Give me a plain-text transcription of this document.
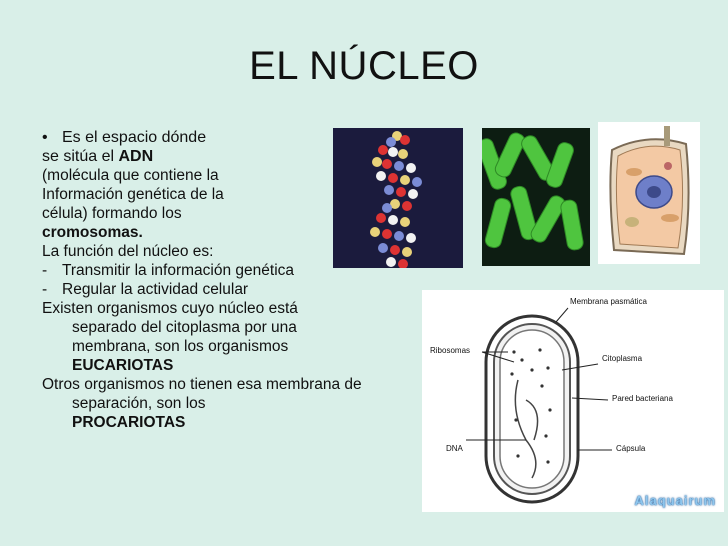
EL NÚCLEO
• Es el espacio dónde
se sitúa el ADN
(molécula que contiene la
Información genética de la
célula) formando los
cromosomas.
La función del núcleo es:
- Transmitir la información genética
- Regular la actividad celular
Existen organismos cuyo núcleo está separado del citoplasma por una membrana, son los organismos
EUCARIOTAS
Otros organismos no tienen esa membrana de separación, son los
PROCARIOTAS
Membrana pasmática
Ribosomas
Citoplasma
Pared bacteriana
DNA	Cápsula
Alaquairum
